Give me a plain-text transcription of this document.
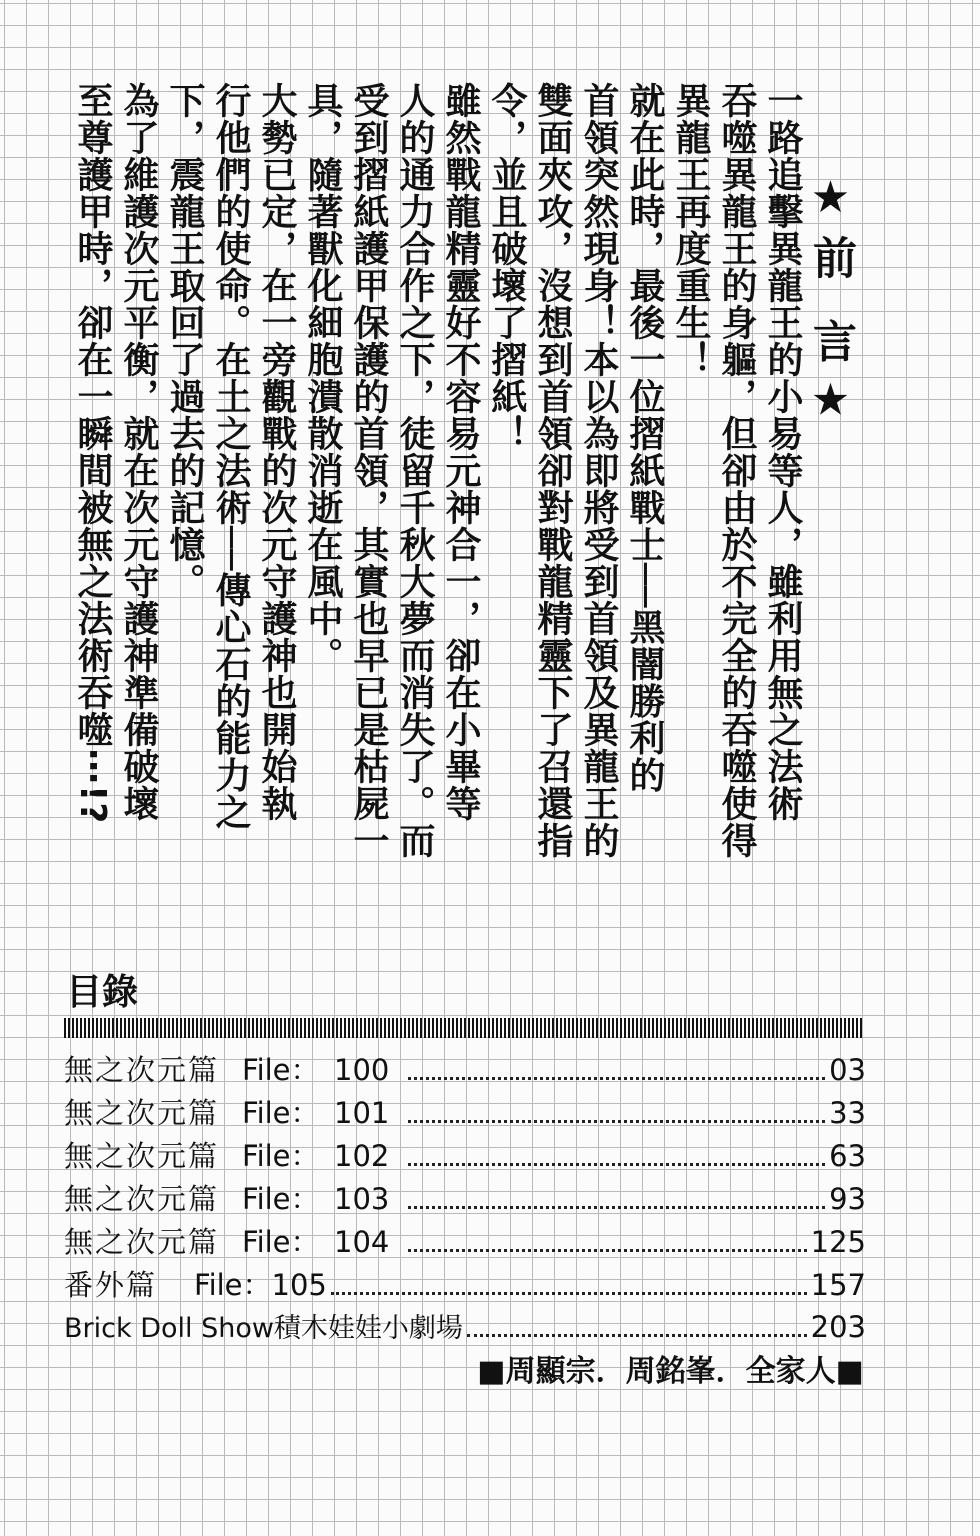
★前 言★
一路追擊異龍王的小易等人，雖利用無之法術
吞噬異龍王的身軀，但卻由於不完全的吞噬使得
異龍王再度重生！
就在此時，最後一位摺紙戰士──黑闇勝利的
首領突然現身！本以為即將受到首領及異龍王的
雙面夾攻，沒想到首領卻對戰龍精靈下了召還指
令，並且破壞了摺紙！
雖然戰龍精靈好不容易元神合一，卻在小畢等
人的通力合作之下，徒留千秋大夢而消失了。而
受到摺紙護甲保護的首領，其實也早已是枯屍一
具，隨著獸化細胞潰散消逝在風中。
大勢已定，在一旁觀戰的次元守護神也開始執
行他們的使命。在土之法術──傳心石的能力之
下，震龍王取回了過去的記憶。
為了維護次元平衡，就在次元守護神準備破壞
至尊護甲時，卻在一瞬間被無之法術吞噬⋯!?
目錄
無之次元篇 File： 100	03
無之次元篇 File： 101	33
無之次元篇 File： 102	63
無之次元篇 File： 103	93
無之次元篇 File： 104	125
番外篇	File：105	157
Brick Doll Show積木娃娃小劇場	203
■周顯宗．周銘峯．全家人■
